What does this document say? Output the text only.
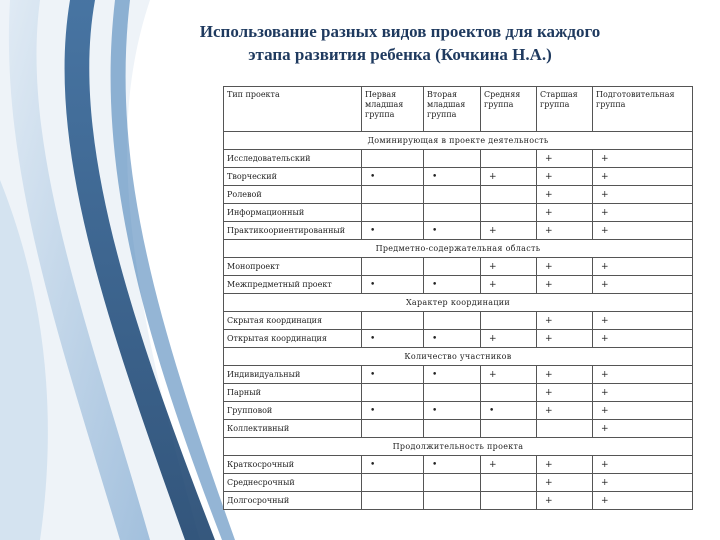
Использование разных видов проектов для каждого
этапа развития ребенка (Кочкина Н.А.)
Тип проекта	Первая младшая группа	Вторая младшая группа	Средняя группа	Старшая группа	Подготовительная группа
Доминирующая в проекте деятельность					
Исследовательский				+	+
Творческий	•	•	+	+	+
Ролевой				+	+
Информационный				+	+
Практикоориентированный	•	•	+	+	+
Предметно-содержательная область					
Монопроект			+	+	+
Межпредметный проект	•	•	+	+	+
Характер координации					
Скрытая координация				+	+
Открытая координация	•	•	+	+	+
Количество участников					
Индивидуальный	•	•	+	+	+
Парный				+	+
Групповой	•	•	•	+	+
Коллективный					+
Продолжительность проекта					
Краткосрочный	•	•	+	+	+
Среднесрочный				+	+
Долгосрочный				+	+
